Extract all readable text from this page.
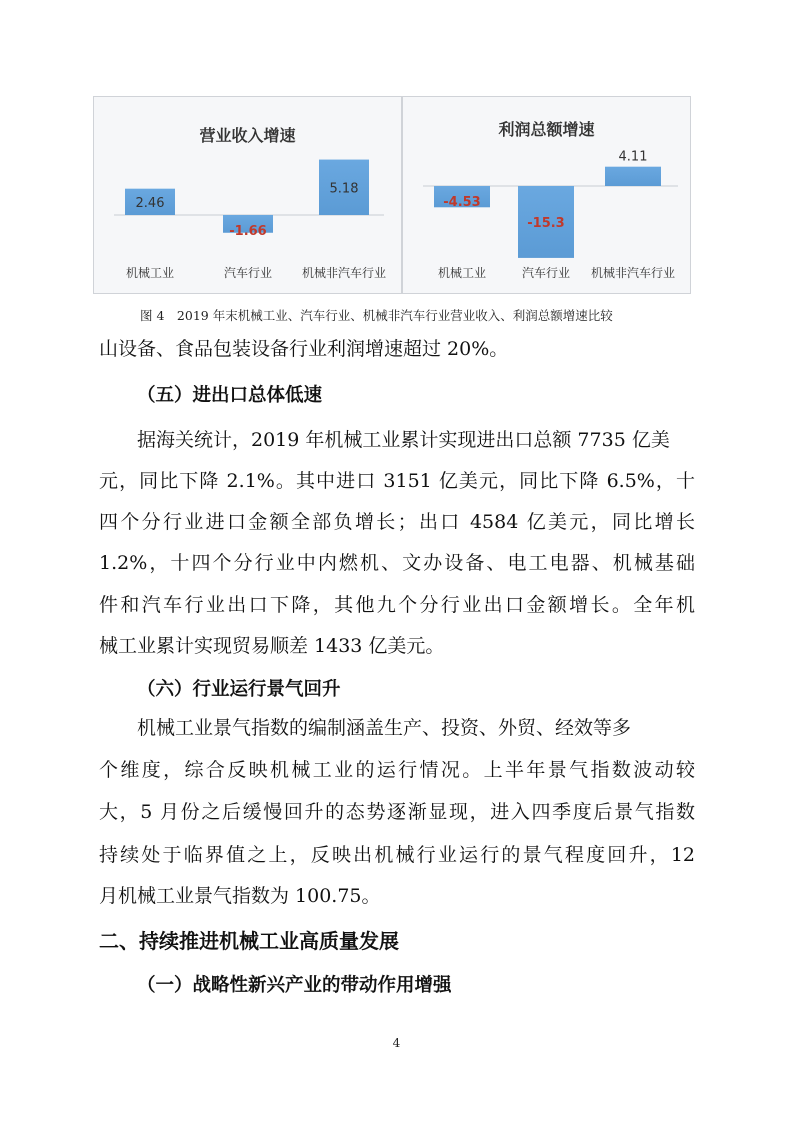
营业收入增速
2.46
机械工业
-1.66
汽车行业
5.18
机械非汽车行业
利润总额增速
-4.53
机械工业
-15.3
汽车行业
4.11
机械非汽车行业
图 4　2019 年末机械工业、汽车行业、机械非汽车行业营业收入、利润总额增速比较
山设备、食品包装设备行业利润增速超过 20%。
（五）进出口总体低速
据海关统计，2019 年机械工业累计实现进出口总额 7735 亿美
元，同比下降 2.1%。其中进口 3151 亿美元，同比下降 6.5%，十
四个分行业进口金额全部负增长；出口 4584 亿美元，同比增长
1.2%，十四个分行业中内燃机、文办设备、电工电器、机械基础
件和汽车行业出口下降，其他九个分行业出口金额增长。全年机
械工业累计实现贸易顺差 1433 亿美元。
（六）行业运行景气回升
机械工业景气指数的编制涵盖生产、投资、外贸、经效等多
个维度，综合反映机械工业的运行情况。上半年景气指数波动较
大，5 月份之后缓慢回升的态势逐渐显现，进入四季度后景气指数
持续处于临界值之上，反映出机械行业运行的景气程度回升，12
月机械工业景气指数为 100.75。
二、持续推进机械工业高质量发展
（一）战略性新兴产业的带动作用增强
4
